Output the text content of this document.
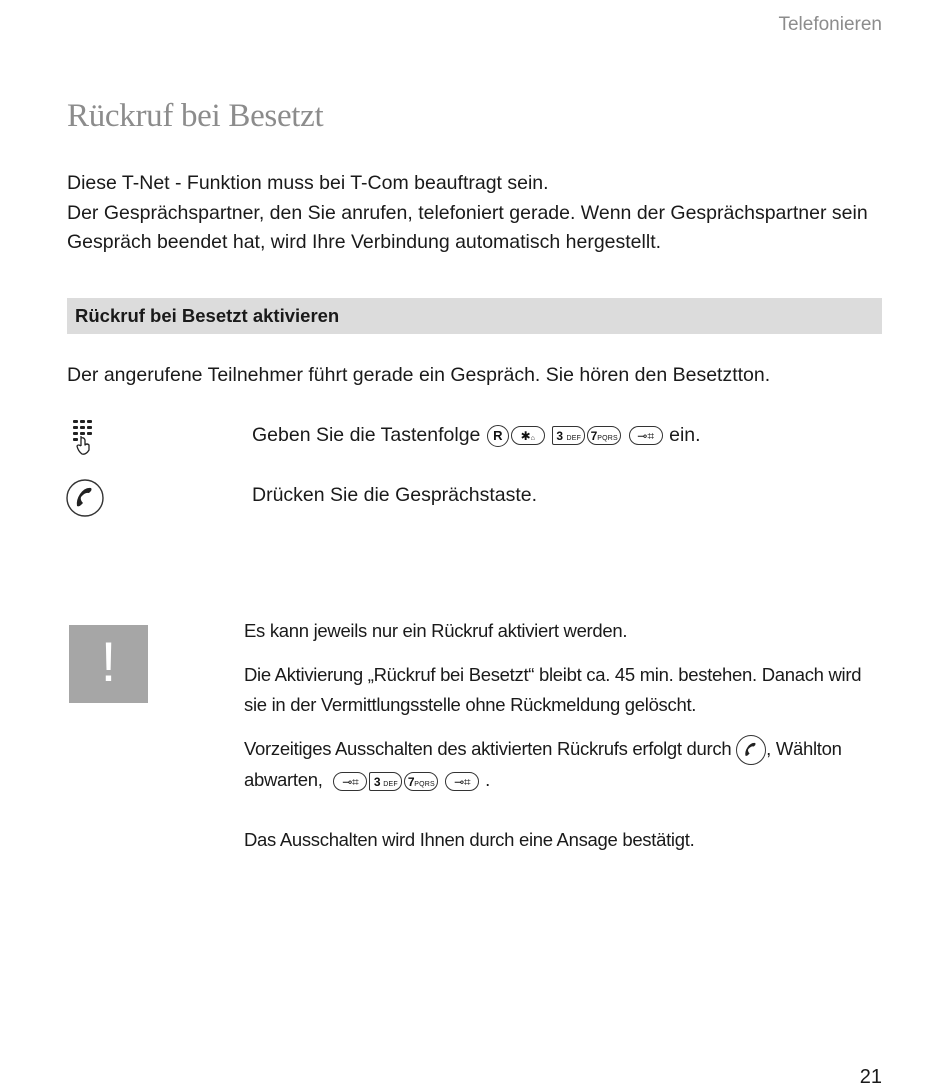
Telefonieren
Rückruf bei Besetzt

Diese T-Net - Funktion muss bei T-Com beauftragt sein.

Der Gesprächspartner, den Sie anrufen, telefoniert gerade. Wenn der Gesprächspartner sein Gespräch beendet hat, wird Ihre Verbindung automatisch hergestellt.

Rückruf bei Besetzt aktivieren
Der angerufene Teilnehmer führt gerade ein Gespräch. Sie hören den Besetztton.
Geben Sie die Tastenfolge R ✱⌂ 3 DEF 7PQRS ⊸⌗ ein.
Drücken Sie die Gesprächstaste.
!	Es kann jeweils nur ein Rückruf aktiviert werden.
Die Aktivierung „Rückruf bei Besetzt“ bleibt ca. 45 min. bestehen. Danach wird sie in der Vermittlungsstelle ohne Rückmeldung gelöscht.

Vorzeitiges Ausschalten des aktivierten Rückrufs erfolgt durch , Wählton

abwarten, ⊸⌗ 3 DEF 7PQRS ⊸⌗ .

Das Ausschalten wird Ihnen durch eine Ansage bestätigt.
21
